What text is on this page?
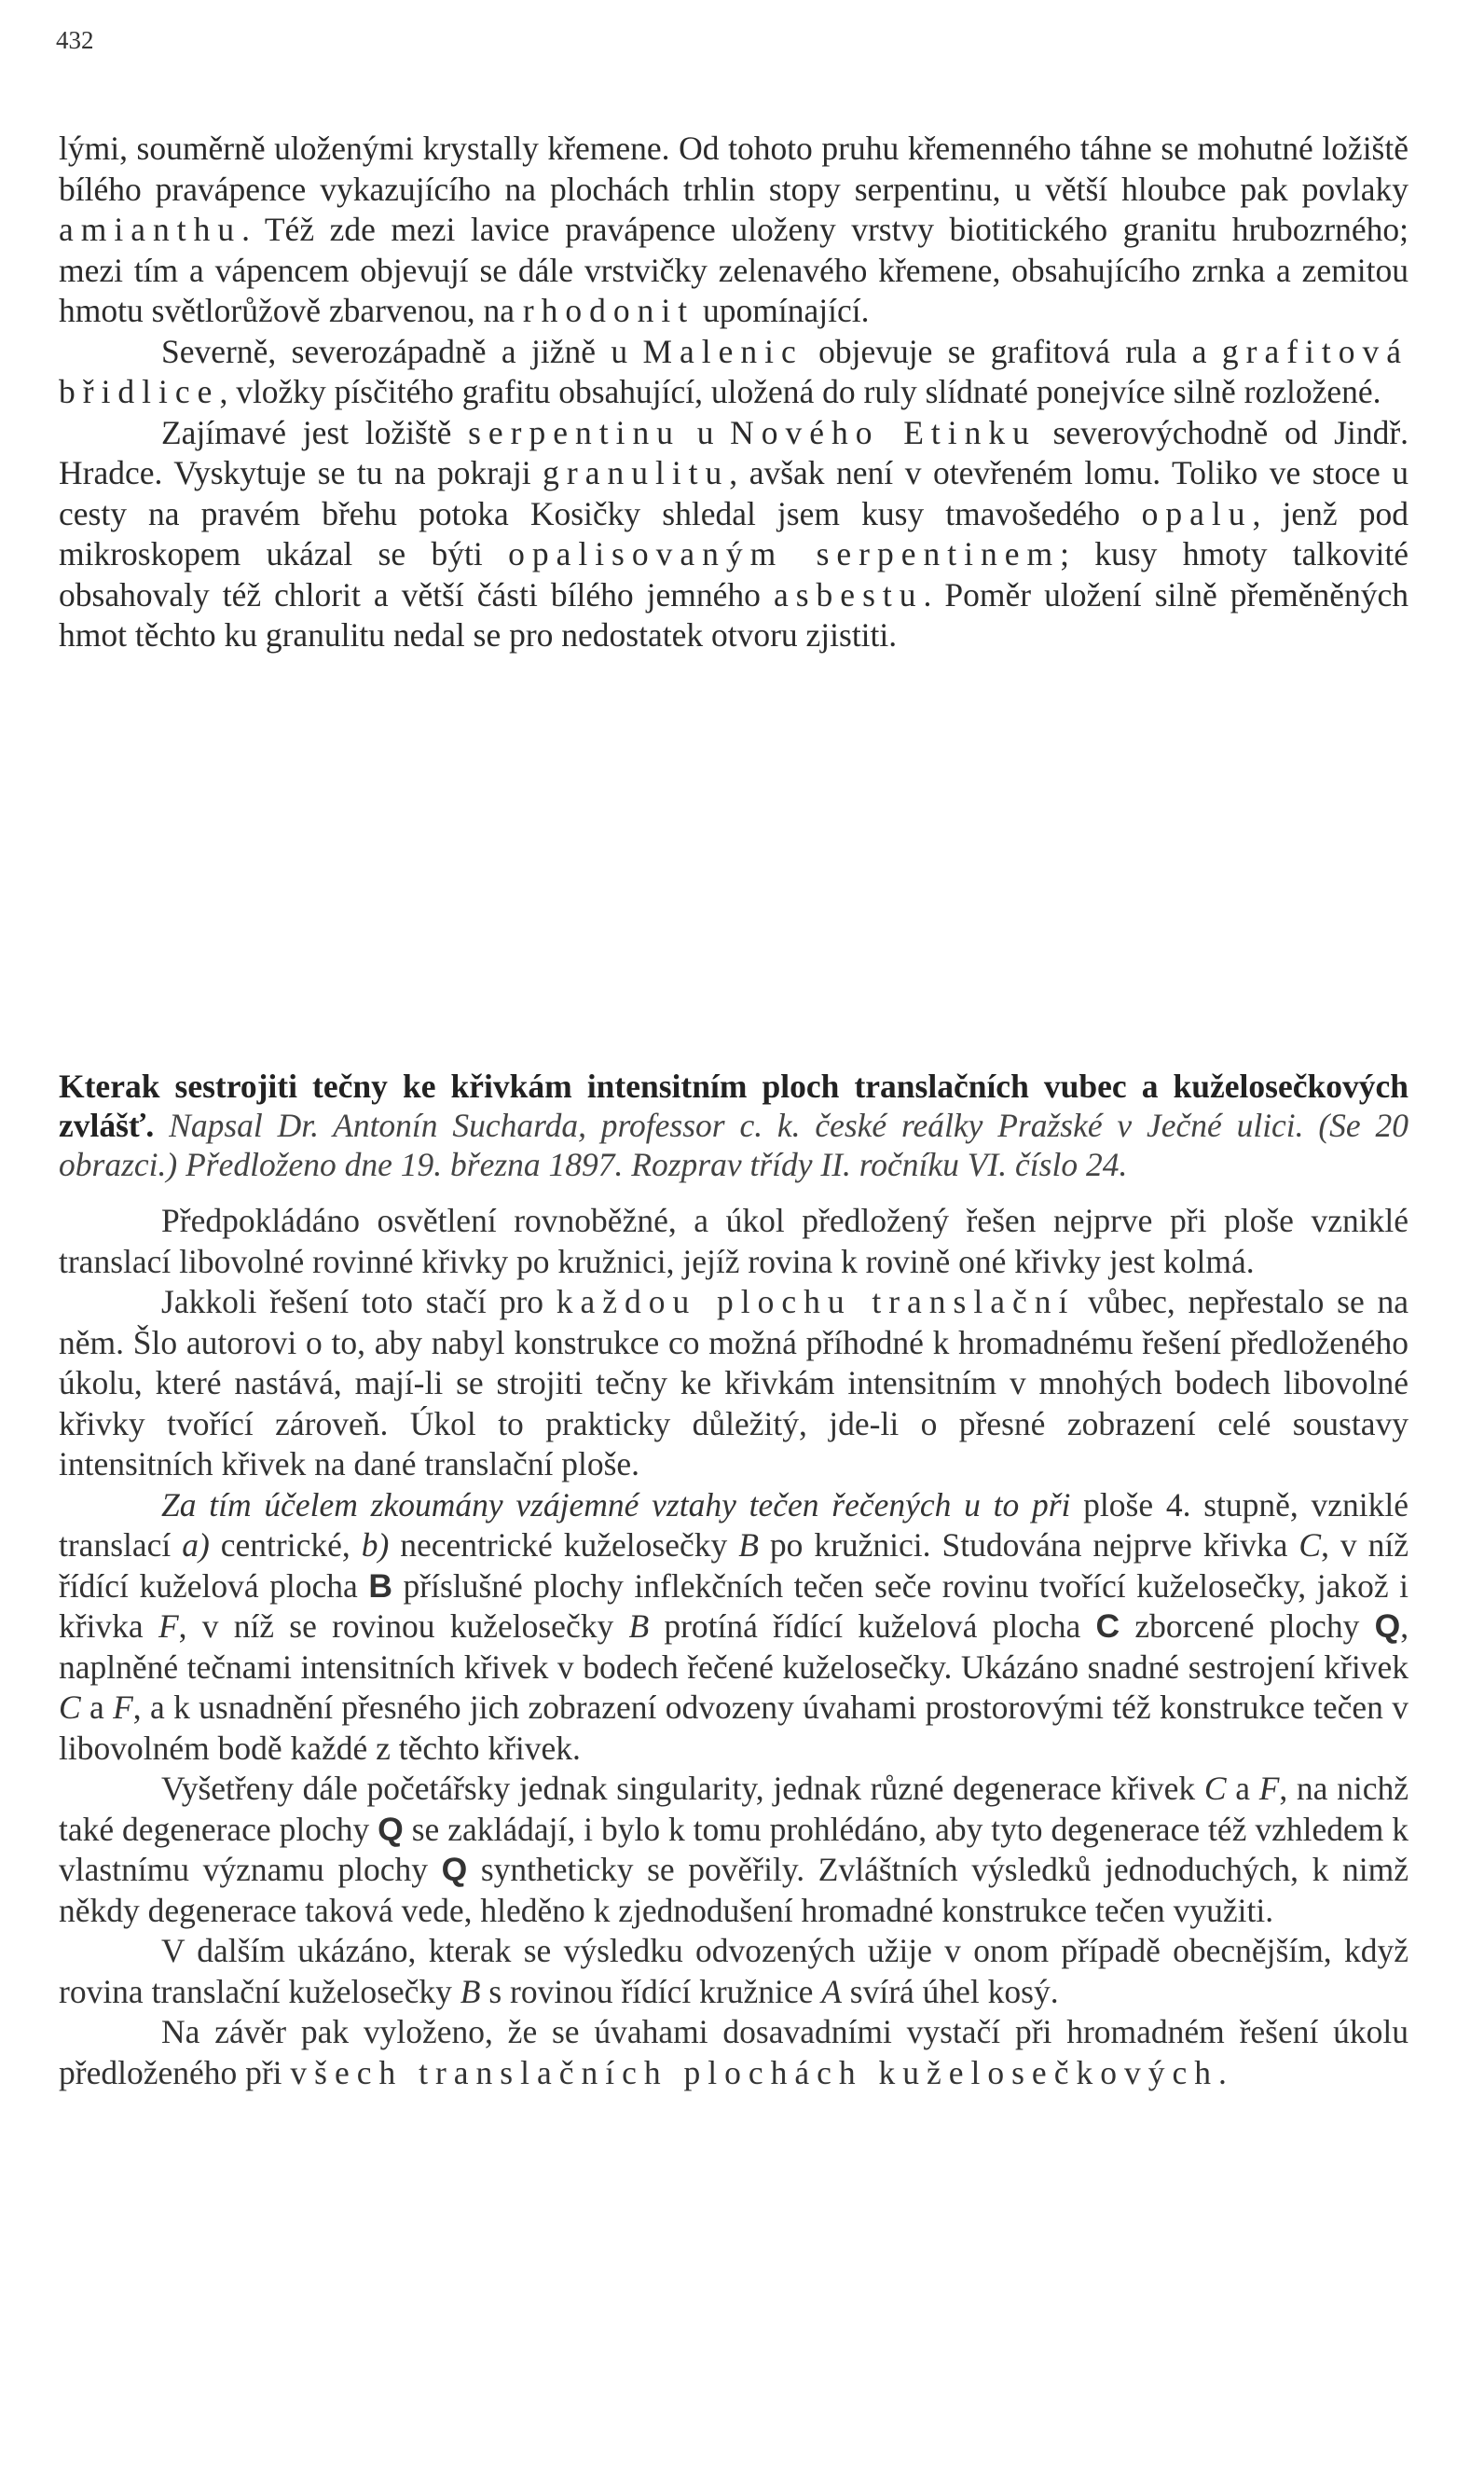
432

lými, souměrně uloženými krystally křemene. Od tohoto pruhu křemenného táhne se mohutné ložiště bílého pravápence vykazujícího na plochách trhlin stopy serpentinu, u větší hloubce pak povlaky amianthu. Též zde mezi lavice pravápence uloženy vrstvy biotitického granitu hrubozrného; mezi tím a vápencem objevují se dále vrstvičky zelenavého křemene, obsahujícího zrnka a zemitou hmotu světlorůžově zbarvenou, na rhodonit upomínající.

Severně, severozápadně a jižně u Malenic objevuje se grafitová rula a grafitová břidlice, vložky písčitého grafitu obsahující, uložená do ruly slídnaté ponejvíce silně rozložené.

Zajímavé jest ložiště serpentinu u Nového Etinku severovýchodně od Jindř. Hradce. Vyskytuje se tu na pokraji granulitu, avšak není v otevřeném lomu. Toliko ve stoce u cesty na pravém břehu potoka Kosičky shledal jsem kusy tmavošedého opalu, jenž pod mikroskopem ukázal se býti opalisovaným serpentinem; kusy hmoty talkovité obsahovaly též chlorit a větší části bílého jemného asbestu. Poměr uložení silně přeměněných hmot těchto ku granulitu nedal se pro nedostatek otvoru zjistiti.

Kterak sestrojiti tečny ke křivkám intensitním ploch translačních vubec a kuželosečkových zvlášť. Napsal Dr. Antonín Sucharda, professor c. k. české reálky Pražské v Ječné ulici. (Se 20 obrazci.) Předloženo dne 19. března 1897. Rozprav třídy II. ročníku VI. číslo 24.

Předpokládáno osvětlení rovnoběžné, a úkol předložený řešen nejprve při ploše vzniklé translací libovolné rovinné křivky po kružnici, jejíž rovina k rovině oné křivky jest kolmá.

Jakkoli řešení toto stačí pro každou plochu translační vůbec, nepřestalo se na něm. Šlo autorovi o to, aby nabyl konstrukce co možná příhodné k hromadnému řešení předloženého úkolu, které nastává, mají-li se strojiti tečny ke křivkám intensitním v mnohých bodech libovolné křivky tvořící zároveň. Úkol to prakticky důležitý, jde-li o přesné zobrazení celé soustavy intensitních křivek na dané translační ploše.

Za tím účelem zkoumány vzájemné vztahy tečen řečených u to při ploše 4. stupně, vzniklé translací a) centrické, b) necentrické kuželosečky B po kružnici. Studována nejprve křivka C, v níž řídící kuželová plocha B příslušné plochy inflekčních tečen seče rovinu tvořící kuželosečky, jakož i křivka F, v níž se rovinou kuželosečky B protíná řídící kuželová plocha C zborcené plochy Q, naplněné tečnami intensitních křivek v bodech řečené kuželosečky. Ukázáno snadné sestrojení křivek C a F, a k usnadnění přesného jich zobrazení odvozeny úvahami prostorovými též konstrukce tečen v libovolném bodě každé z těchto křivek.

Vyšetřeny dále početářsky jednak singularity, jednak různé degenerace křivek C a F, na nichž také degenerace plochy Q se zakládají, i bylo k tomu prohlédáno, aby tyto degenerace též vzhledem k vlastnímu významu plochy Q syntheticky se pověřily. Zvláštních výsledků jednoduchých, k nimž někdy degenerace taková vede, hleděno k zjednodušení hromadné konstrukce tečen využiti.

V dalším ukázáno, kterak se výsledku odvozených užije v onom případě obecnějším, když rovina translační kuželosečky B s rovinou řídící kružnice A svírá úhel kosý.

Na závěr pak vyloženo, že se úvahami dosavadními vystačí při hromadném řešení úkolu předloženého při všech translačních plochách kuželosečkových.
